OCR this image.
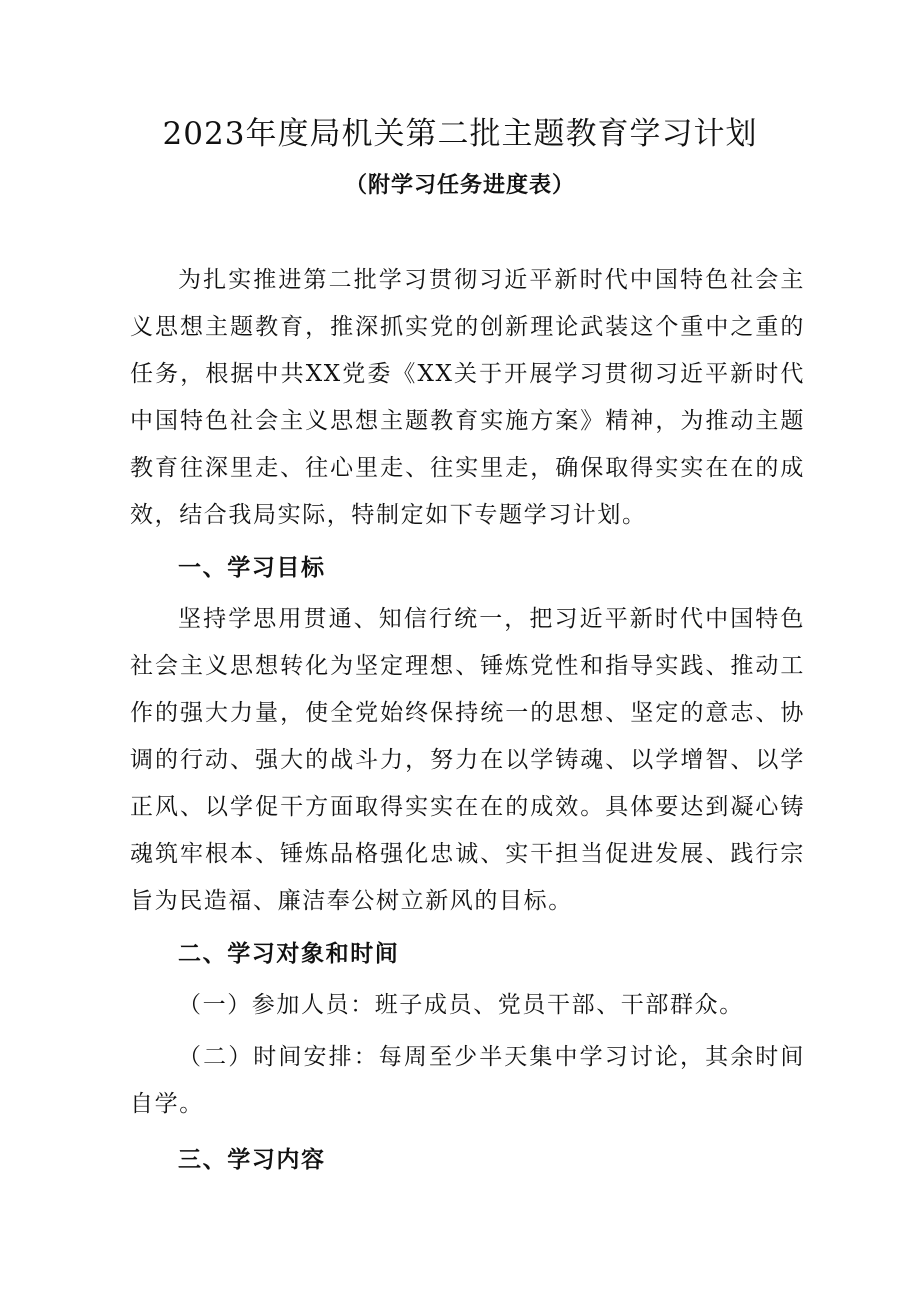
2023年度局机关第二批主题教育学习计划
（附学习任务进度表）

为扎实推进第二批学习贯彻习近平新时代中国特色社会主义思想主题教育，推深抓实党的创新理论武装这个重中之重的任务，根据中共XX党委《XX关于开展学习贯彻习近平新时代中国特色社会主义思想主题教育实施方案》精神，为推动主题教育往深里走、往心里走、往实里走，确保取得实实在在的成效，结合我局实际，特制定如下专题学习计划。

一、学习目标

坚持学思用贯通、知信行统一，把习近平新时代中国特色社会主义思想转化为坚定理想、锤炼党性和指导实践、推动工作的强大力量，使全党始终保持统一的思想、坚定的意志、协调的行动、强大的战斗力，努力在以学铸魂、以学增智、以学正风、以学促干方面取得实实在在的成效。具体要达到凝心铸魂筑牢根本、锤炼品格强化忠诚、实干担当促进发展、践行宗旨为民造福、廉洁奉公树立新风的目标。

二、学习对象和时间

（一）参加人员：班子成员、党员干部、干部群众。

（二）时间安排：每周至少半天集中学习讨论，其余时间自学。

三、学习内容
